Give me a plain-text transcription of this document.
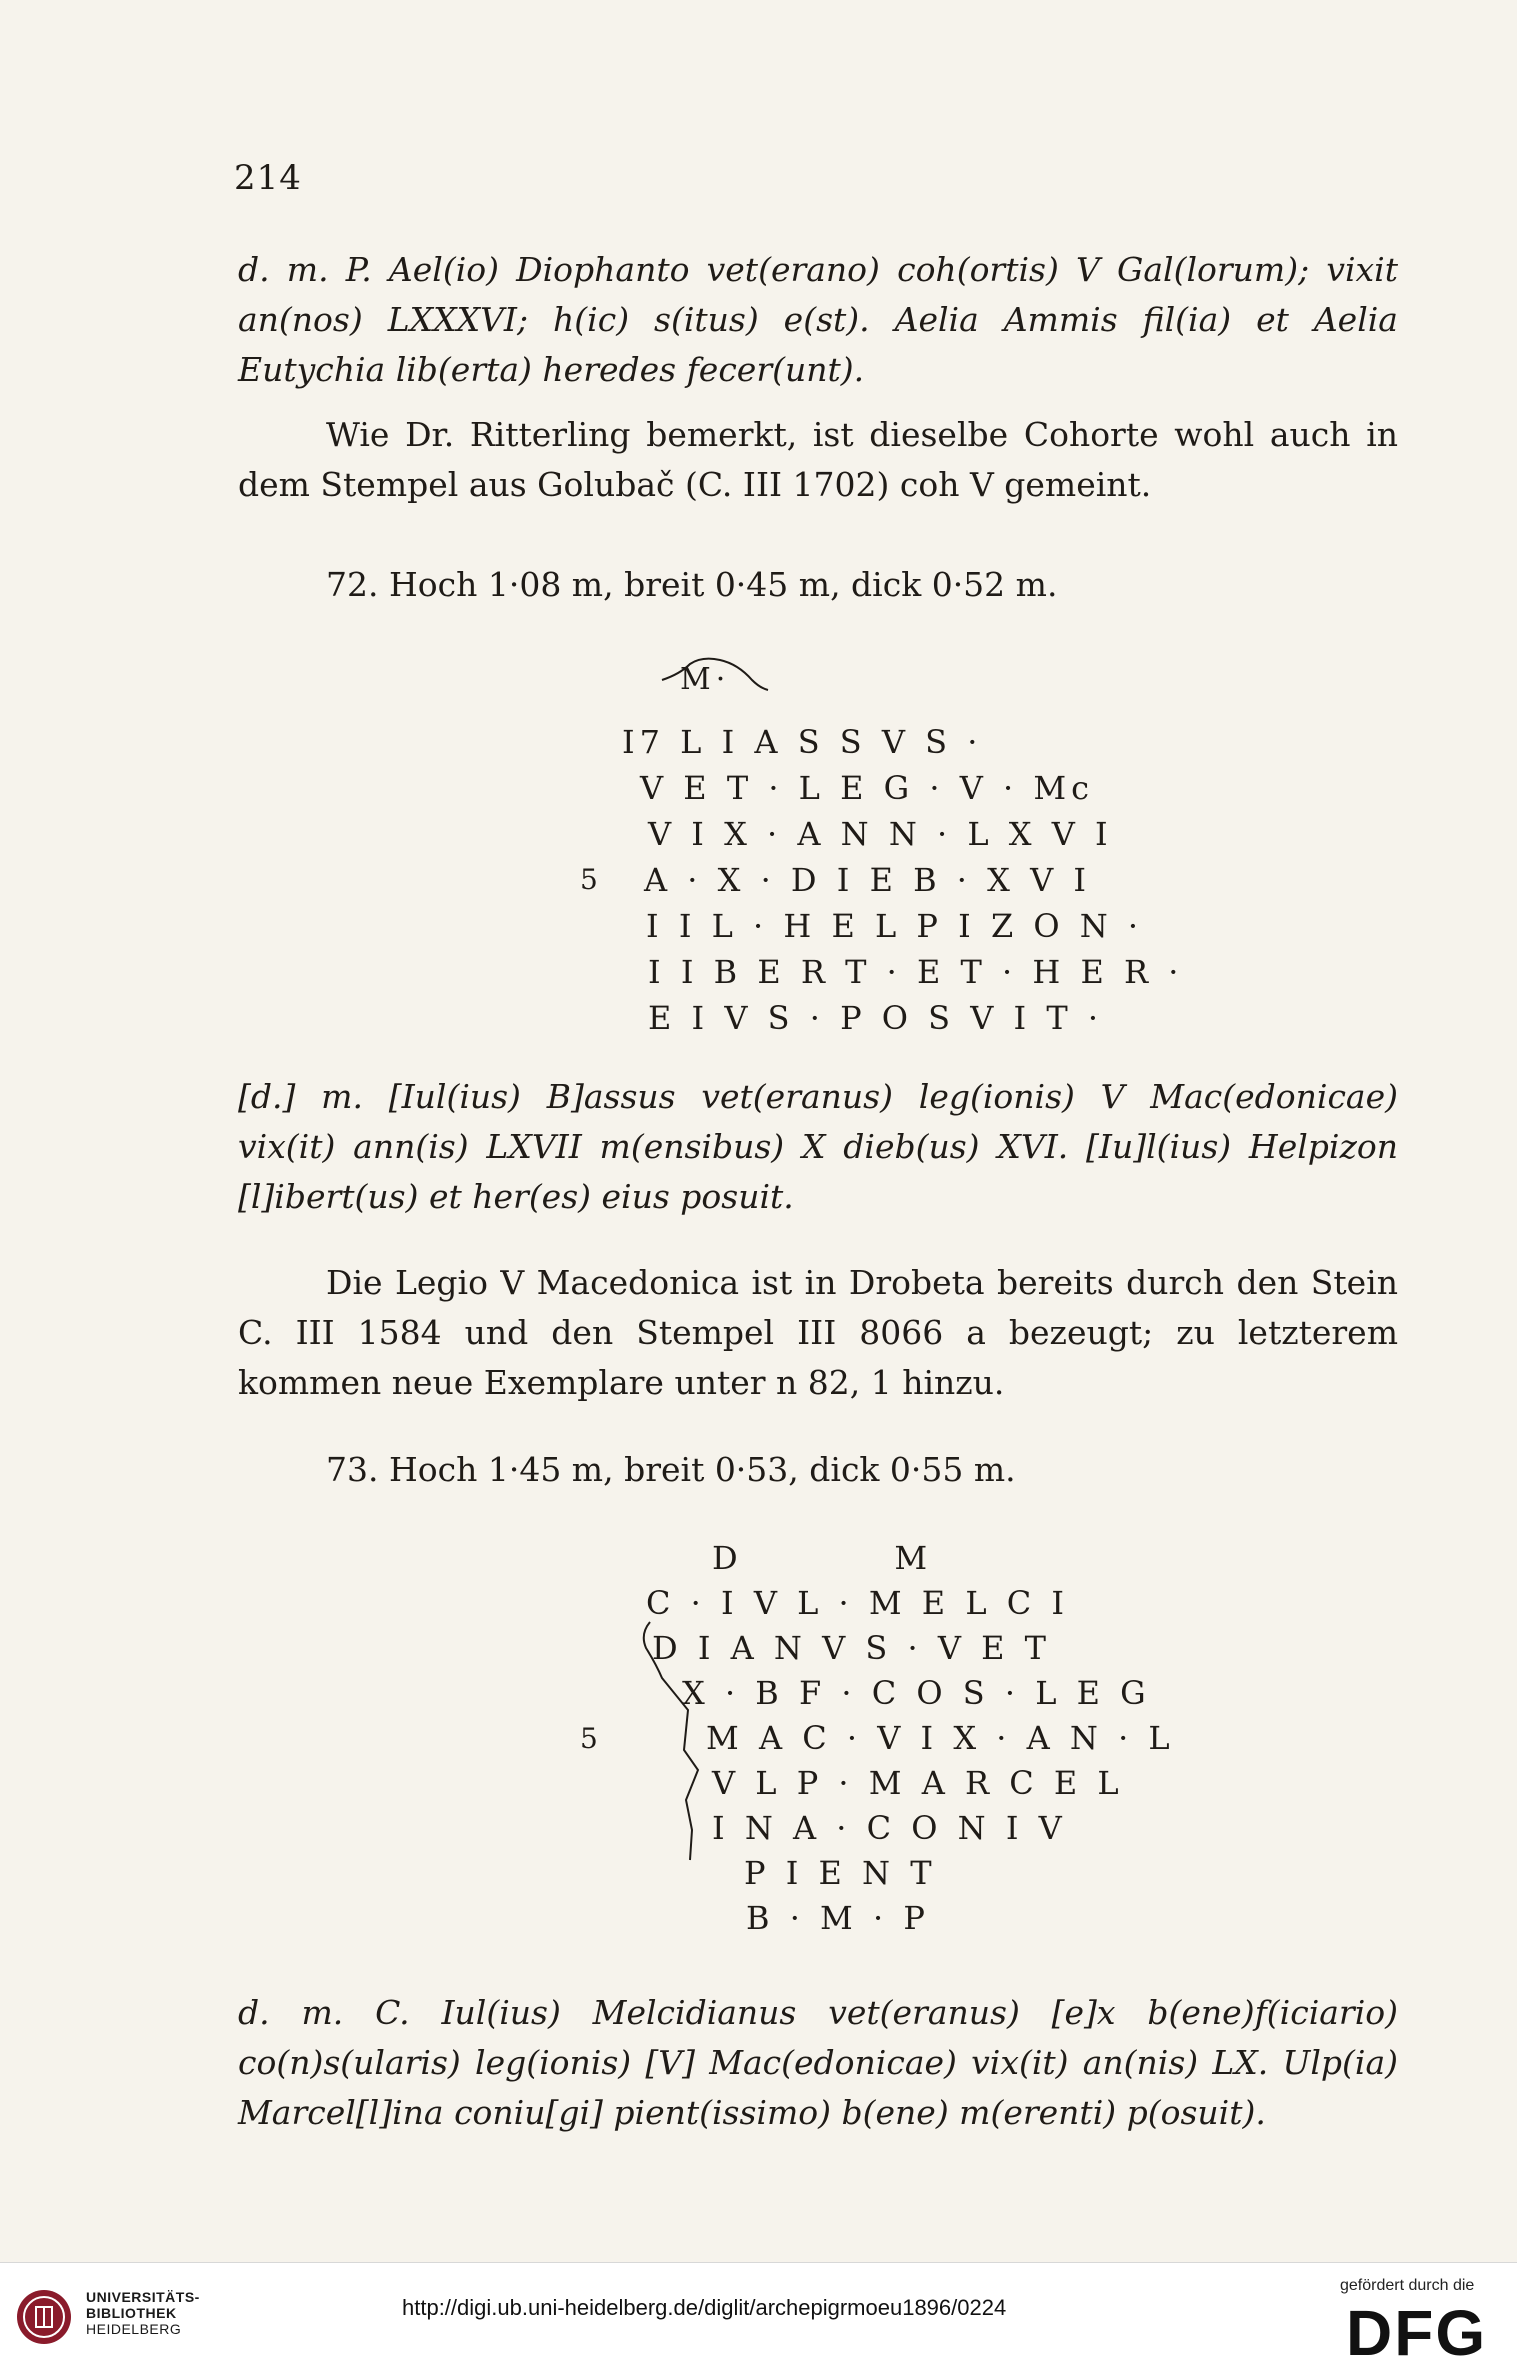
214

d. m. P. Ael(io) Diophanto vet(erano) coh(ortis) V Gal(lorum); vixit an(nos) LXXXVI; h(ic) s(itus) e(st). Aelia Ammis fil(ia) et Aelia Eutychia lib(erta) heredes fecer(unt).

Wie Dr. Ritterling bemerkt, ist dieselbe Cohorte wohl auch in dem Stempel aus Golubač (C. III 1702) coh V gemeint.

72. Hoch 1·08 m, breit 0·45 m, dick 0·52 m.
M·
I7 L I A S S V S ·
V E T · L E G · V · Mc
V I X · A N N · L X V I
5 A · X · D I E B · X V I
I I L · H E L P I Z O N ·
I I B E R T · E T · H E R ·
E I V S · P O S V I T ·

[d.] m. [Iul(ius) B]assus vet(eranus) leg(ionis) V Mac(edonicae) vix(it) ann(is) LXVII m(ensibus) X dieb(us) XVI. [Iu]l(ius) Helpizon [l]ibert(us) et her(es) eius posuit.

Die Legio V Macedonica ist in Drobeta bereits durch den Stein C. III 1584 und den Stempel III 8066 a bezeugt; zu letzterem kommen neue Exemplare unter n 82, 1 hinzu.

73. Hoch 1·45 m, breit 0·53, dick 0·55 m.
D          M
C · I V L · M E L C I
D I A N V S · V E T
X · B F · C O S · L E G
5	M A C · V I X · A N · L
V L P · M A R C E L
I N A · C O N I V
P I E N T
B · M · P

d. m. C. Iul(ius) Melcidianus vet(eranus) [e]x b(ene)f(iciario) co(n)s(ularis) leg(ionis) [V] Mac(edonicae) vix(it) an(nis) LX. Ulp(ia) Marcel[l]ina coniu[gi] pient(issimo) b(ene) m(erenti) p(osuit).

UNIVERSITÄTS-
BIBLIOTHEK
HEIDELBERG
http://digi.ub.uni-heidelberg.de/diglit/archepigrmoeu1896/0224
gefördert durch die
DFG
